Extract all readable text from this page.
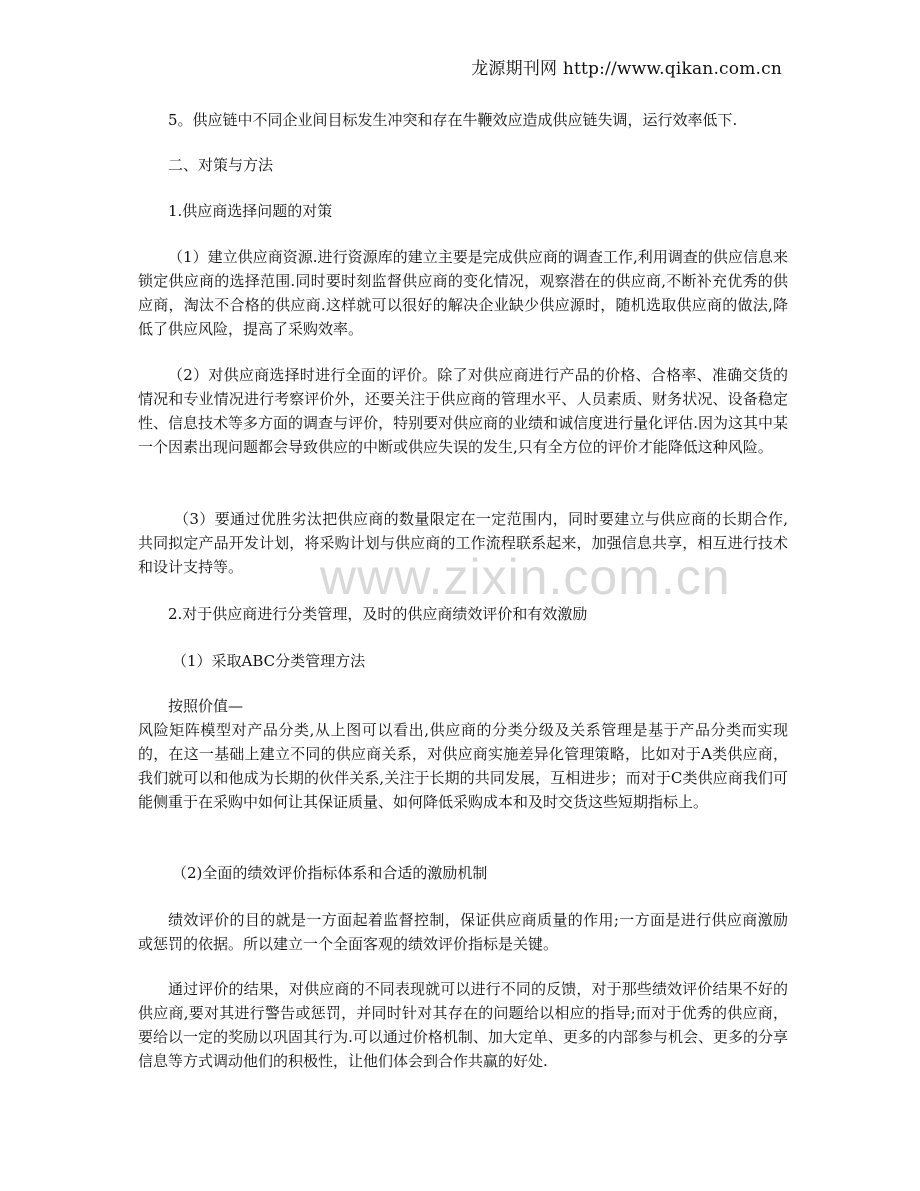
www.zixin.com.cn
龙源期刊网 http://www.qikan.com.cn

5。供应链中不同企业间目标发生冲突和存在牛鞭效应造成供应链失调，运行效率低下.

二、对策与方法

1.供应商选择问题的对策

（1）建立供应商资源.进行资源库的建立主要是完成供应商的调查工作,利用调查的供应信息来锁定供应商的选择范围.同时要时刻监督供应商的变化情况，观察潜在的供应商,不断补充优秀的供应商，淘汰不合格的供应商.这样就可以很好的解决企业缺少供应源时，随机选取供应商的做法,降低了供应风险，提高了采购效率。

（2）对供应商选择时进行全面的评价。除了对供应商进行产品的价格、合格率、准确交货的情况和专业情况进行考察评价外，还要关注于供应商的管理水平、人员素质、财务状况、设备稳定性、信息技术等多方面的调查与评价，特别要对供应商的业绩和诚信度进行量化评估.因为这其中某一个因素出现问题都会导致供应的中断或供应失误的发生,只有全方位的评价才能降低这种风险。

（3）要通过优胜劣汰把供应商的数量限定在一定范围内，同时要建立与供应商的长期合作,共同拟定产品开发计划，将采购计划与供应商的工作流程联系起来，加强信息共享，相互进行技术和设计支持等。

2.对于供应商进行分类管理，及时的供应商绩效评价和有效激励

（1）采取ABC分类管理方法

按照价值—

风险矩阵模型对产品分类,从上图可以看出,供应商的分类分级及关系管理是基于产品分类而实现的，在这一基础上建立不同的供应商关系，对供应商实施差异化管理策略，比如对于A类供应商，我们就可以和他成为长期的伙伴关系,关注于长期的共同发展，互相进步；而对于C类供应商我们可能侧重于在采购中如何让其保证质量、如何降低采购成本和及时交货这些短期指标上。

（2)全面的绩效评价指标体系和合适的激励机制

绩效评价的目的就是一方面起着监督控制，保证供应商质量的作用;一方面是进行供应商激励或惩罚的依据。所以建立一个全面客观的绩效评价指标是关键。

通过评价的结果，对供应商的不同表现就可以进行不同的反馈，对于那些绩效评价结果不好的供应商,要对其进行警告或惩罚，并同时针对其存在的问题给以相应的指导;而对于优秀的供应商，要给以一定的奖励以巩固其行为.可以通过价格机制、加大定单、更多的内部参与机会、更多的分享信息等方式调动他们的积极性，让他们体会到合作共赢的好处.
